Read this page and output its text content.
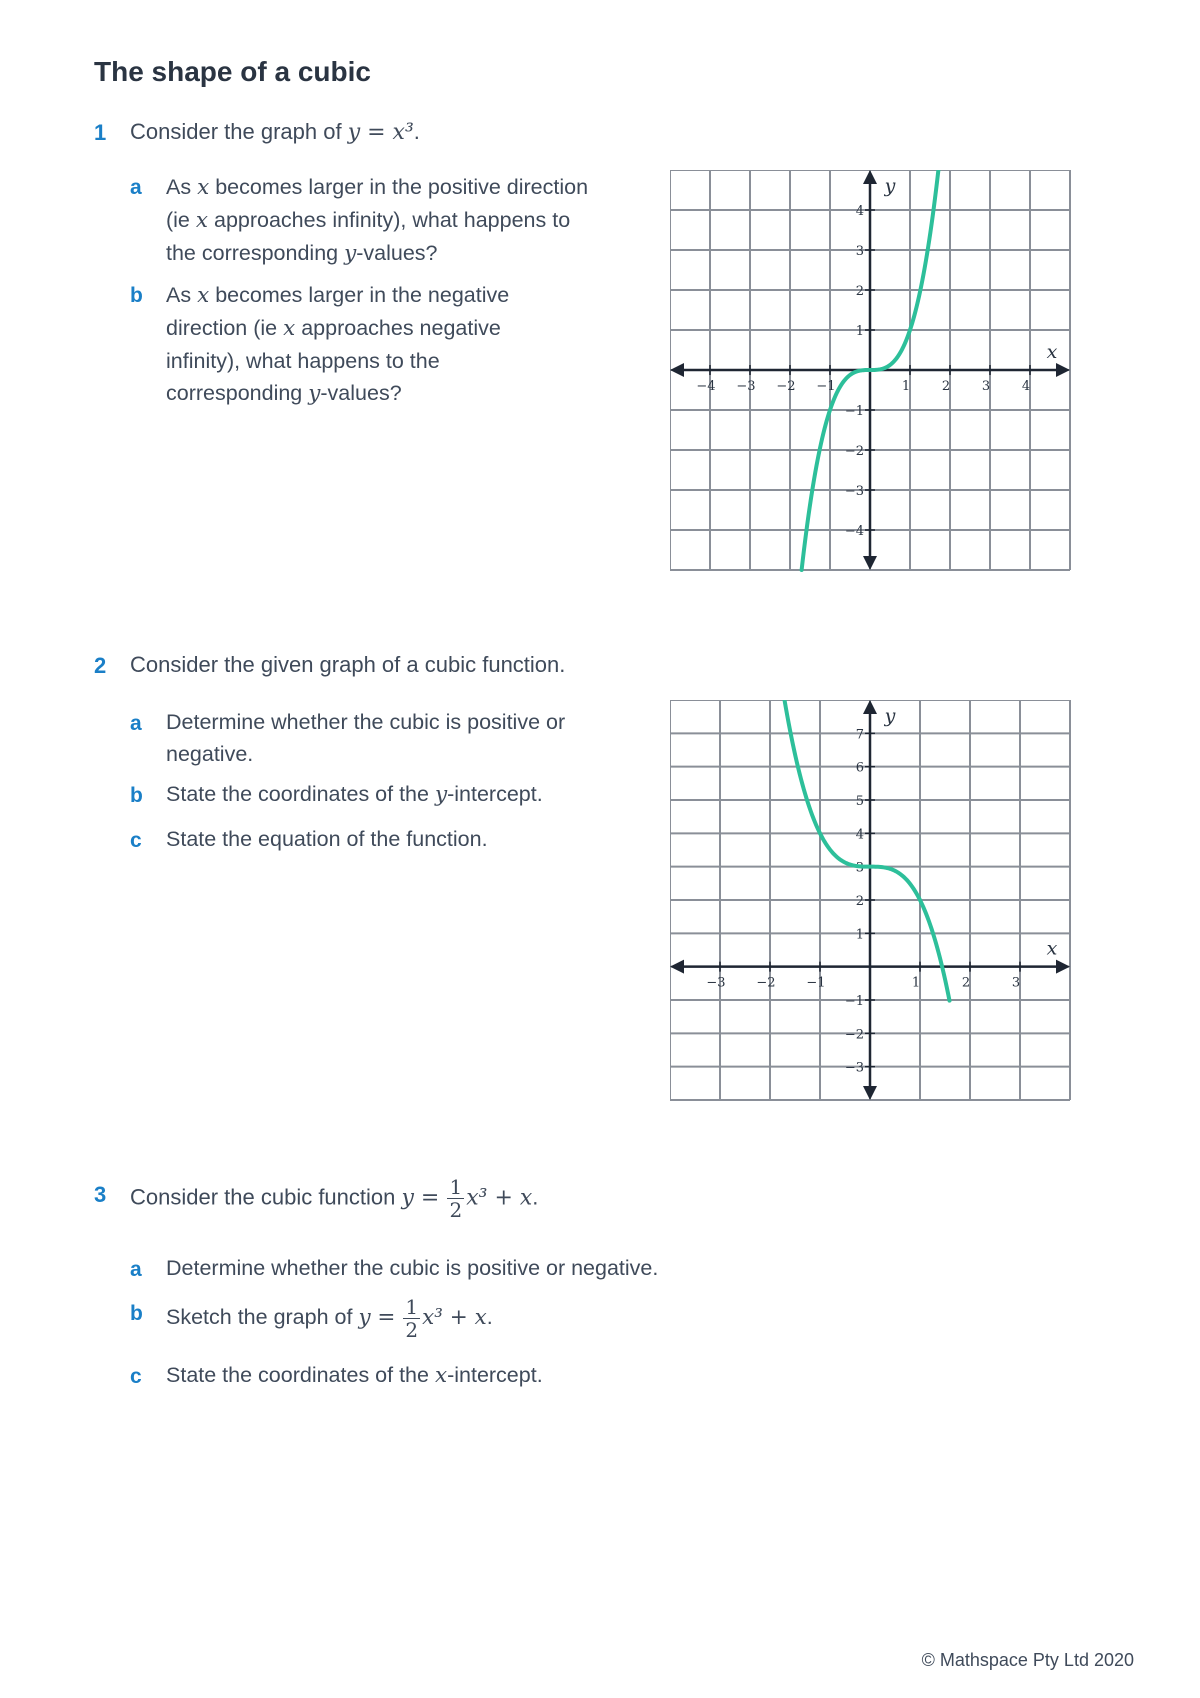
The shape of a cubic
1 Consider the graph of y = x³.
a As x becomes larger in the positive direction (ie x approaches infinity), what happens to the corresponding y-values?
b As x becomes larger in the negative direction (ie x approaches negative infinity), what happens to the corresponding y-values?	−4 −3 −2 −1	1 2 3 4
4
3
2
1
−1
−2
−3
−4
x
y
2 Consider the given graph of a cubic function.
a Determine whether the cubic is positive or negative.
b State the coordinates of the y-intercept.
c State the equation of the function.
−3 −2 −1	1	2	3
7
6
5
4
3
2
1
−1
−2
−3
x
y
3 Consider the cubic function $y = \frac{1}{2} x^3 + x$.
a Determine whether the cubic is positive or negative.
b Sketch the graph of $y = \frac{1}{2} x^3 + x$.
c State the coordinates of the x-intercept.
© Mathspace Pty Ltd 2020
